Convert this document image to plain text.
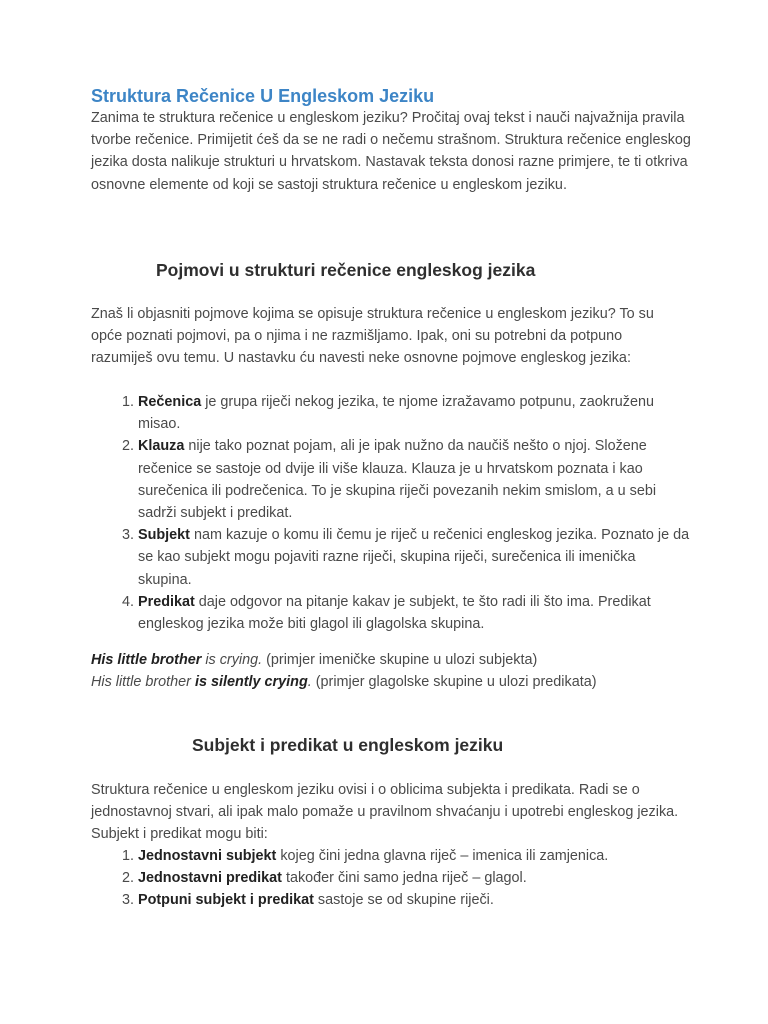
Struktura Rečenice U Engleskom Jeziku

Zanima te struktura rečenice u engleskom jeziku? Pročitaj ovaj tekst i nauči najvažnija pravila tvorbe rečenice. Primijetit ćeš da se ne radi o nečemu strašnom. Struktura rečenice engleskog jezika dosta nalikuje strukturi u hrvatskom. Nastavak teksta donosi razne primjere, te ti otkriva osnovne elemente od koji se sastoji struktura rečenice u engleskom jeziku.

Pojmovi u strukturi rečenice engleskog jezika

Znaš li objasniti pojmove kojima se opisuje struktura rečenice u engleskom jeziku? To su opće poznati pojmovi, pa o njima i ne razmišljamo. Ipak, oni su potrebni da potpuno razumiješ ovu temu. U nastavku ću navesti neke osnovne pojmove engleskog jezika:

1. Rečenica je grupa riječi nekog jezika, te njome izražavamo potpunu, zaokruženu misao.
2. Klauza nije tako poznat pojam, ali je ipak nužno da naučiš nešto o njoj. Složene rečenice se sastoje od dvije ili više klauza. Klauza je u hrvatskom poznata i kao surečenica ili podrečenica. To je skupina riječi povezanih nekim smislom, a u sebi sadrži subjekt i predikat.
3. Subjekt nam kazuje o komu ili čemu je riječ u rečenici engleskog jezika. Poznato je da se kao subjekt mogu pojaviti razne riječi, skupina riječi, surečenica ili imenička skupina.
4. Predikat daje odgovor na pitanje kakav je subjekt, te što radi ili što ima. Predikat engleskog jezika može biti glagol ili glagolska skupina.

His little brother is crying. (primjer imeničke skupine u ulozi subjekta)

His little brother is silently crying. (primjer glagolske skupine u ulozi predikata)

Subjekt i predikat u engleskom jeziku

Struktura rečenice u engleskom jeziku ovisi i o oblicima subjekta i predikata. Radi se o jednostavnoj stvari, ali ipak malo pomaže u pravilnom shvaćanju i upotrebi engleskog jezika. Subjekt i predikat mogu biti:

1. Jednostavni subjekt kojeg čini jedna glavna riječ – imenica ili zamjenica.
2. Jednostavni predikat također čini samo jedna riječ – glagol.
3. Potpuni subjekt i predikat sastoje se od skupine riječi.
